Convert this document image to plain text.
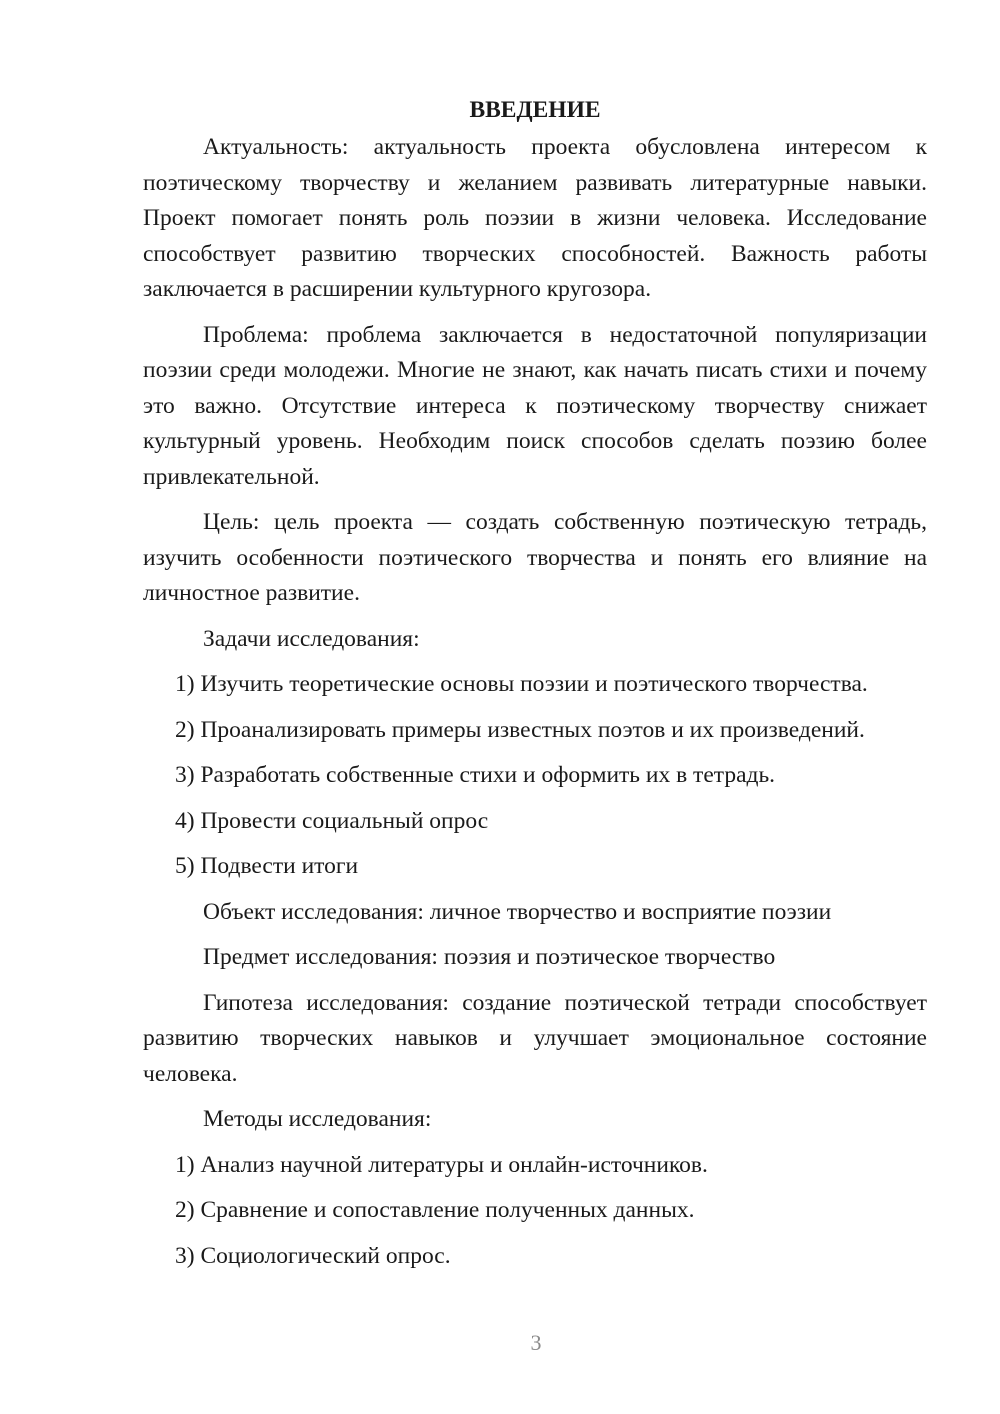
ВВЕДЕНИЕ

Актуальность: актуальность проекта обусловлена интересом к поэтическому творчеству и желанием развивать литературные навыки. Проект помогает понять роль поэзии в жизни человека. Исследование способствует развитию творческих способностей. Важность работы заключается в расширении культурного кругозора.

Проблема: проблема заключается в недостаточной популяризации поэзии среди молодежи. Многие не знают, как начать писать стихи и почему это важно. Отсутствие интереса к поэтическому творчеству снижает культурный уровень. Необходим поиск способов сделать поэзию более привлекательной.

Цель: цель проекта — создать собственную поэтическую тетрадь, изучить особенности поэтического творчества и понять его влияние на личностное развитие.

Задачи исследования:

1) Изучить теоретические основы поэзии и поэтического творчества.

2) Проанализировать примеры известных поэтов и их произведений.

3) Разработать собственные стихи и оформить их в тетрадь.

4) Провести социальный опрос

5) Подвести итоги

Объект исследования: личное творчество и восприятие поэзии

Предмет исследования: поэзия и поэтическое творчество

Гипотеза исследования: создание поэтической тетради способствует развитию творческих навыков и улучшает эмоциональное состояние человека.

Методы исследования:

1) Анализ научной литературы и онлайн-источников.

2) Сравнение и сопоставление полученных данных.

3) Социологический опрос.

3
